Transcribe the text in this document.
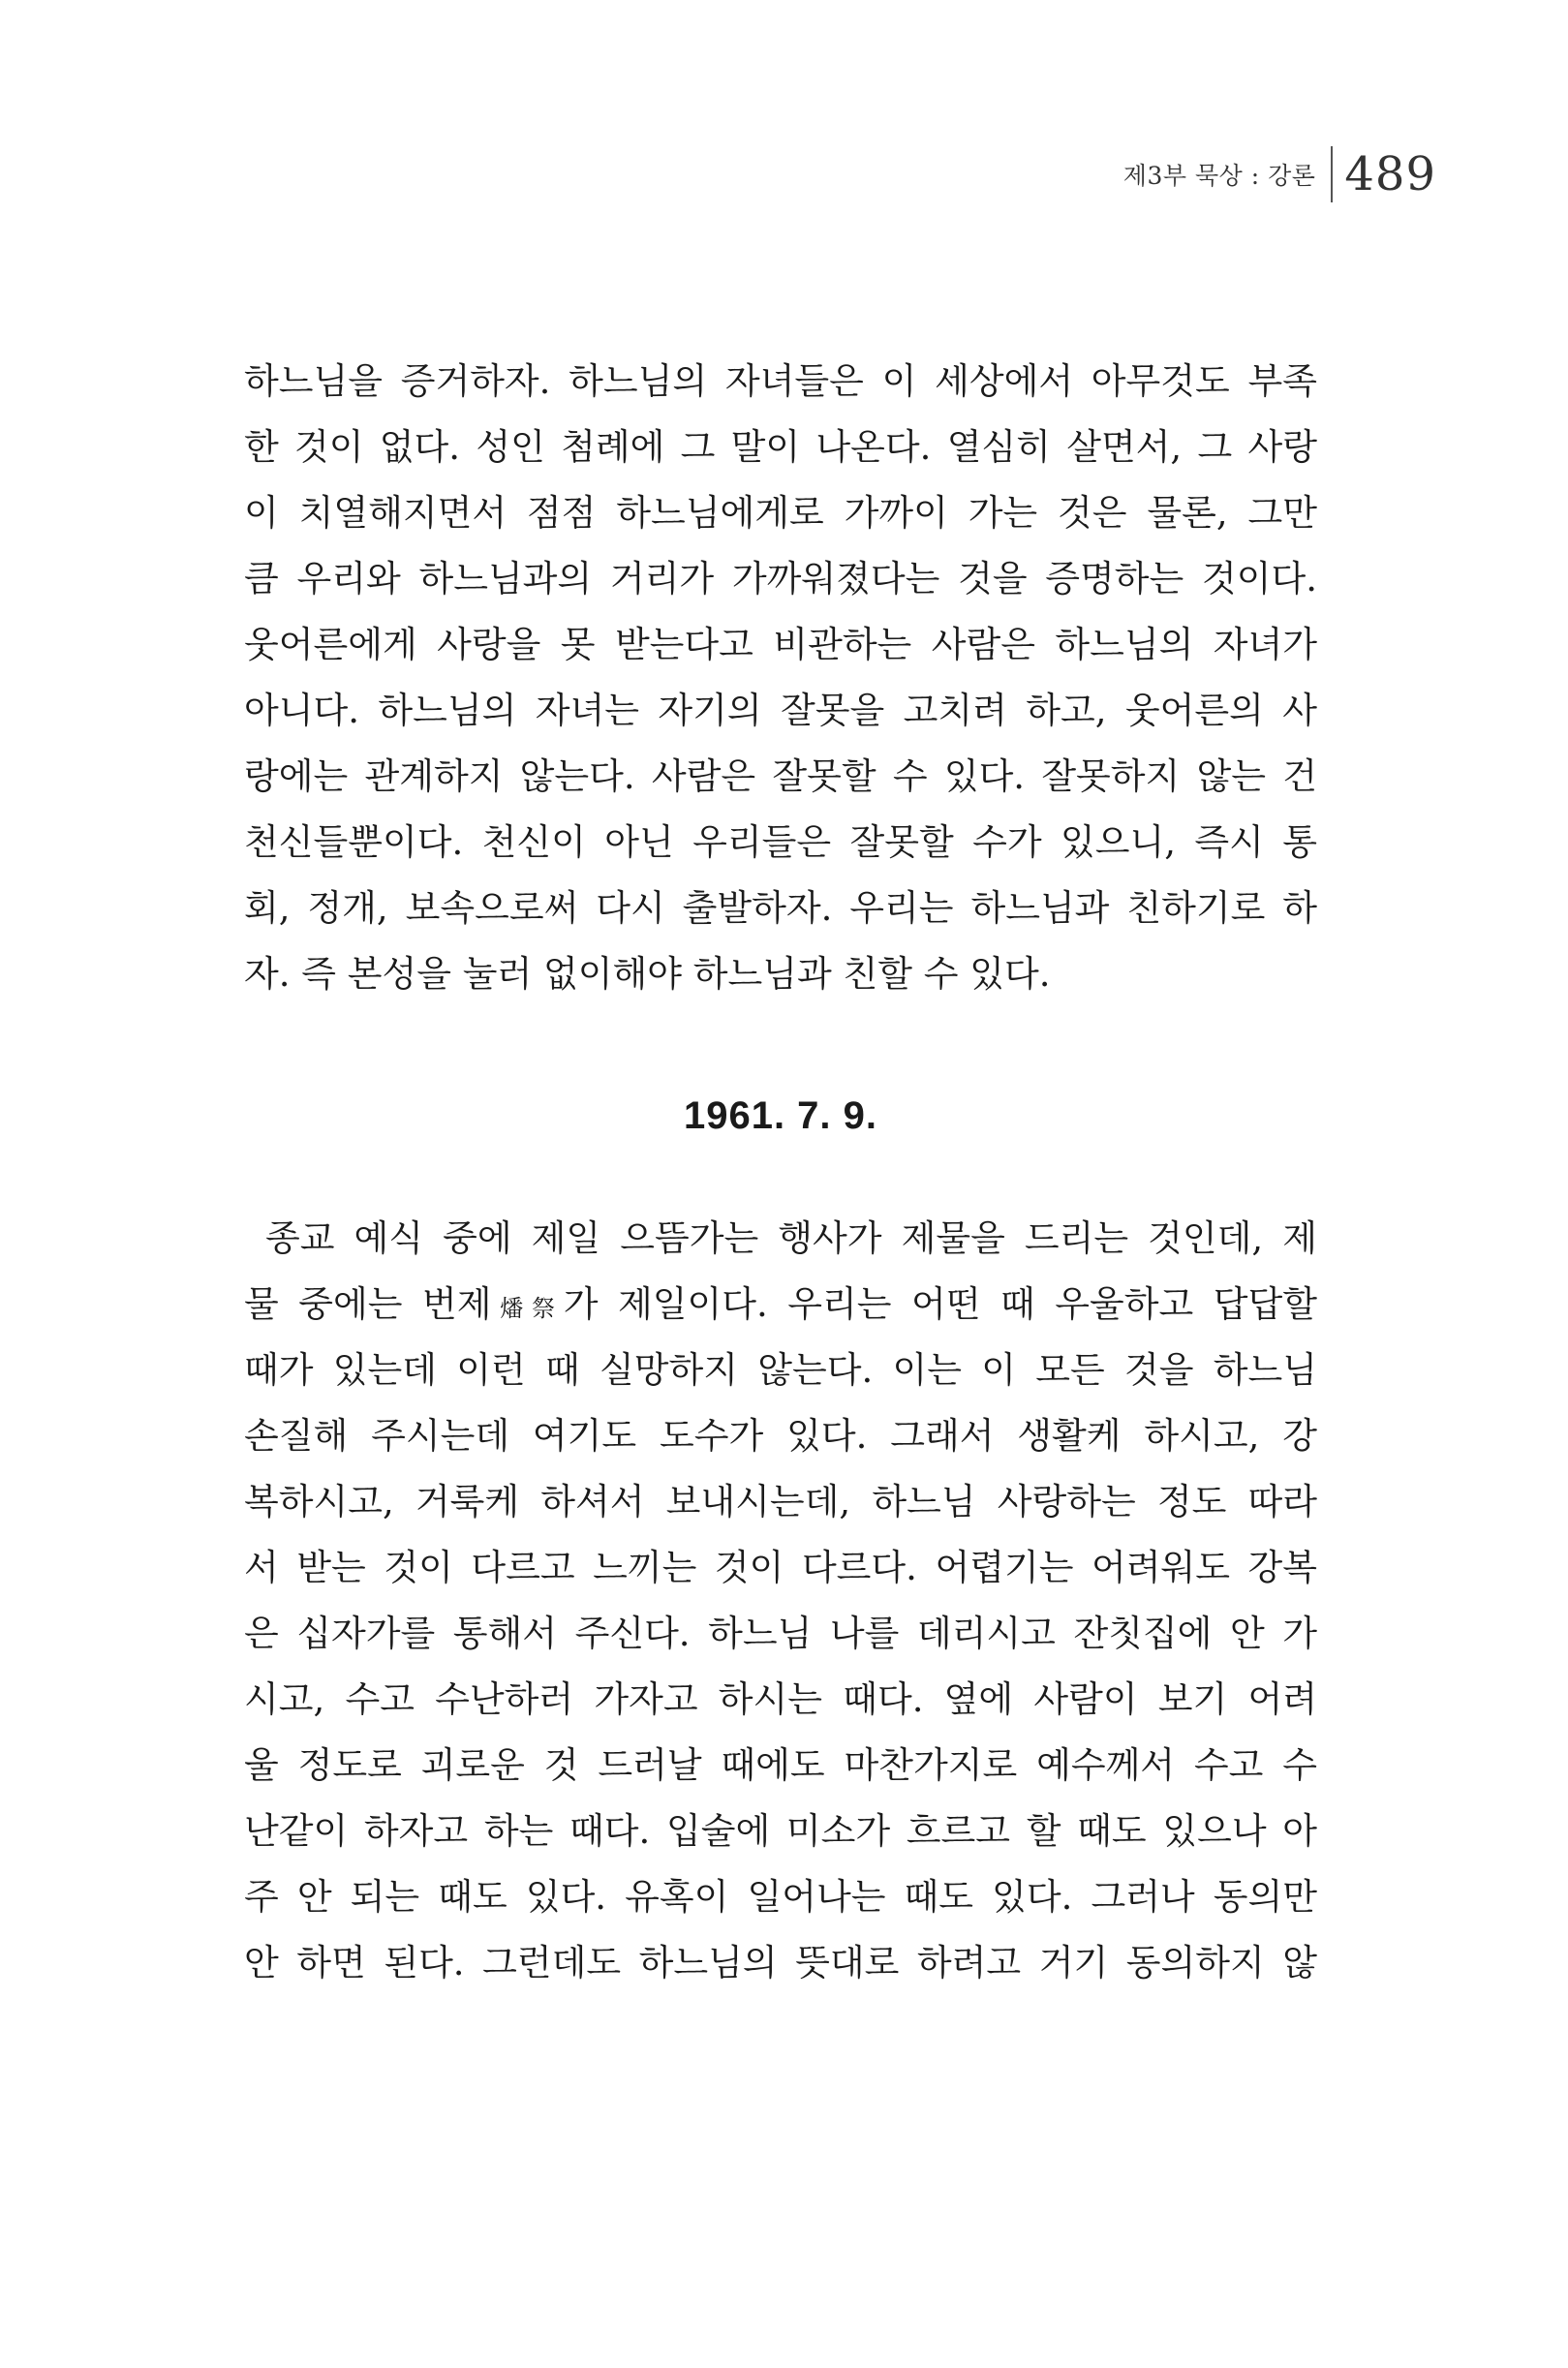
제3부 묵상 : 강론 489
하느님을 증거하자. 하느님의 자녀들은 이 세상에서 아무것도 부족
한 것이 없다. 성인 첨례에 그 말이 나온다. 열심히 살면서, 그 사랑
이 치열해지면서 점점 하느님에게로 가까이 가는 것은 물론, 그만
큼 우리와 하느님과의 거리가 가까워졌다는 것을 증명하는 것이다.
웃어른에게 사랑을 못 받는다고 비관하는 사람은 하느님의 자녀가
아니다. 하느님의 자녀는 자기의 잘못을 고치려 하고, 웃어른의 사
랑에는 관계하지 않는다. 사람은 잘못할 수 있다. 잘못하지 않는 건
천신들뿐이다. 천신이 아닌 우리들은 잘못할 수가 있으니, 즉시 통
회, 정개, 보속으로써 다시 출발하자. 우리는 하느님과 친하기로 하
자. 즉 본성을 눌러 없이해야 하느님과 친할 수 있다.
1961. 7. 9.
종교 예식 중에 제일 으뜸가는 행사가 제물을 드리는 것인데, 제
물 중에는 번제燔祭가 제일이다. 우리는 어떤 때 우울하고 답답할
때가 있는데 이런 때 실망하지 않는다. 이는 이 모든 것을 하느님
손질해 주시는데 여기도 도수가 있다. 그래서 생활케 하시고, 강
복하시고, 거룩케 하셔서 보내시는데, 하느님 사랑하는 정도 따라
서 받는 것이 다르고 느끼는 것이 다르다. 어렵기는 어려워도 강복
은 십자가를 통해서 주신다. 하느님 나를 데리시고 잔칫집에 안 가
시고, 수고 수난하러 가자고 하시는 때다. 옆에 사람이 보기 어려
울 정도로 괴로운 것 드러날 때에도 마찬가지로 예수께서 수고 수
난같이 하자고 하는 때다. 입술에 미소가 흐르고 할 때도 있으나 아
주 안 되는 때도 있다. 유혹이 일어나는 때도 있다. 그러나 동의만
안 하면 된다. 그런데도 하느님의 뜻대로 하려고 거기 동의하지 않
